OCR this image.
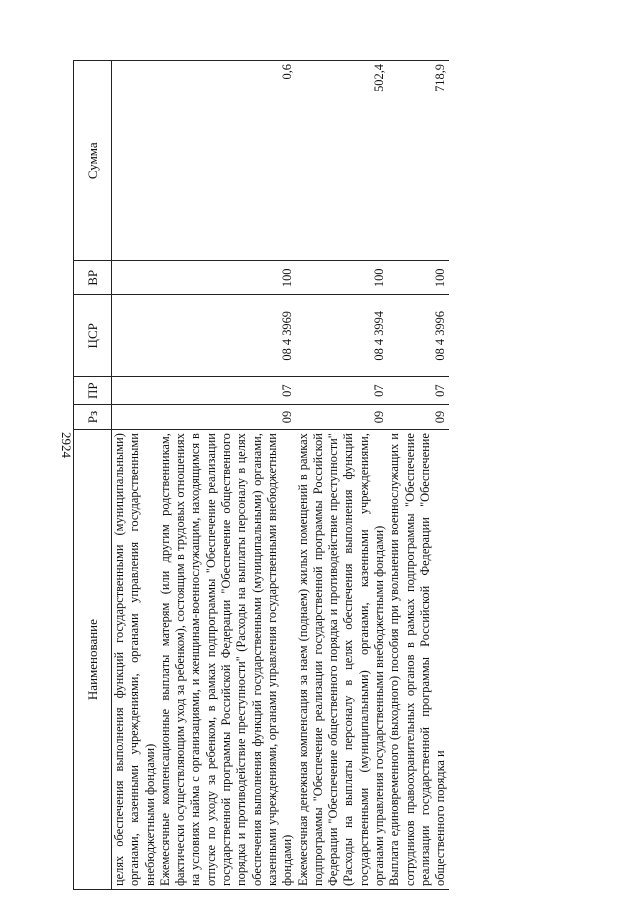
2924
Наименование	Рз	ПР	ЦСР	ВР	Сумма
целях обеспечения выполнения функций государственными (муниципальными) органами, казенными учреждениями, органами управления государственными внебюджетными фондами)					
Ежемесячные компенсационные выплаты матерям (или другим родственникам, фактически осуществляющим уход за ребенком), состоящим в трудовых отношениях на условиях найма с организациями, и женщинам-военнослужащим, находящимся в отпуске по уходу за ребенком, в рамках подпрограммы "Обеспечение реализации государственной программы Российской Федерации "Обеспечение общественного порядка и противодействие преступности" (Расходы на выплаты персоналу в целях обеспечения выполнения функций государственными (муниципальными) органами, казенными учреждениями, органами управления государственными внебюджетными фондами)	09	07	08 4 3969	100	0,6
Ежемесячная денежная компенсация за наем (поднаем) жилых помещений в рамках подпрограммы "Обеспечение реализации государственной программы Российской Федерации "Обеспечение общественного порядка и противодействие преступности" (Расходы на выплаты персоналу в целях обеспечения выполнения функций государственными (муниципальными) органами, казенными учреждениями, органами управления государственными внебюджетными фондами)	09	07	08 4 3994	100	502,4
Выплата единовременного (выходного) пособия при увольнении военнослужащих и сотрудников правоохранительных органов в рамках подпрограммы "Обеспечение реализации государственной программы Российской Федерации "Обеспечение общественного порядка и	09	07	08 4 3996	100	718,9
